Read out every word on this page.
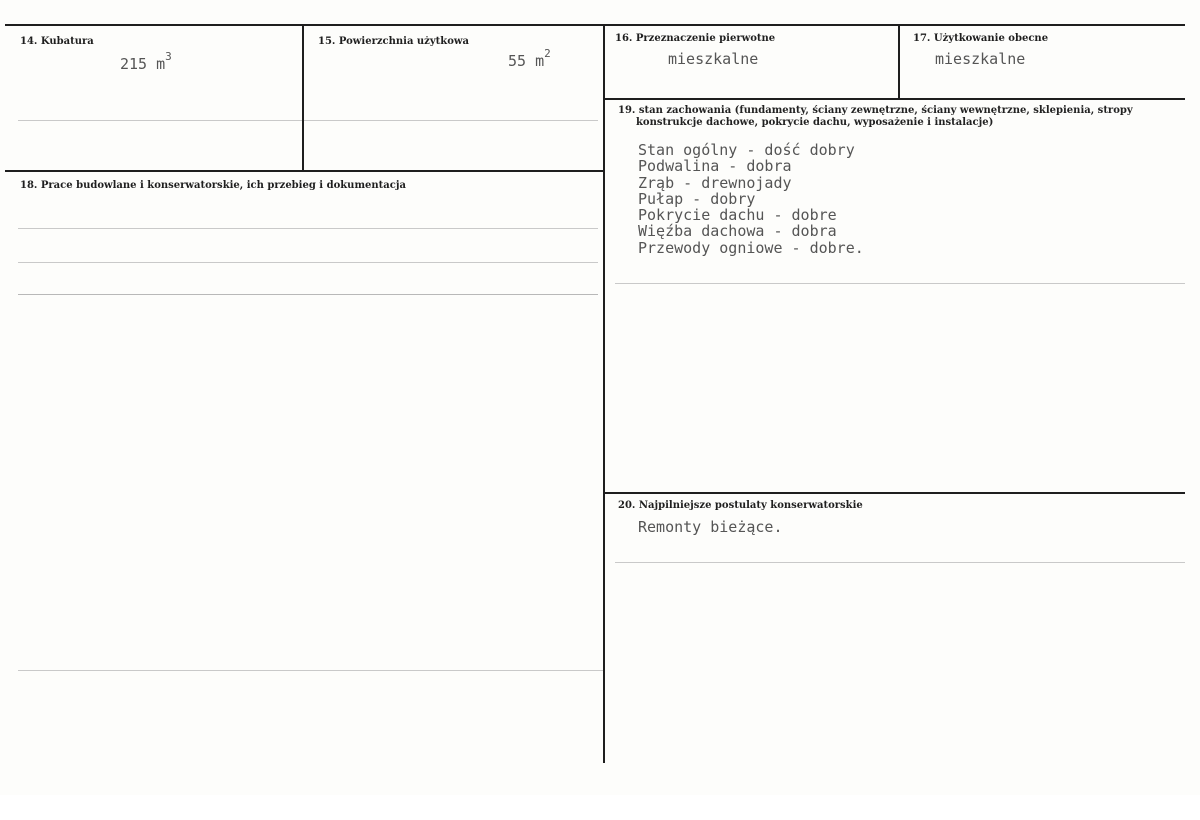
14. Kubatura
215 $m^3$
15. Powierzchnia użytkowa
55 $m^2$
16. Przeznaczenie pierwotne
mieszkalne
17. Użytkowanie obecne
mieszkalne
18. Prace budowlane i konserwatorskie, ich przebieg i dokumentacja
19. stan zachowania (fundamenty, ściany zewnętrzne, ściany wewnętrzne, sklepienia, stropy
konstrukcje dachowe, pokrycie dachu, wyposażenie i instalacje)
Stan ogólny - dość dobry
Podwalina - dobra
Zrąb - drewnojady
Pułap - dobry
Pokrycie dachu - dobre
Więźba dachowa - dobra
Przewody ogniowe - dobre.
20. Najpilniejsze postulaty konserwatorskie
Remonty bieżące.
